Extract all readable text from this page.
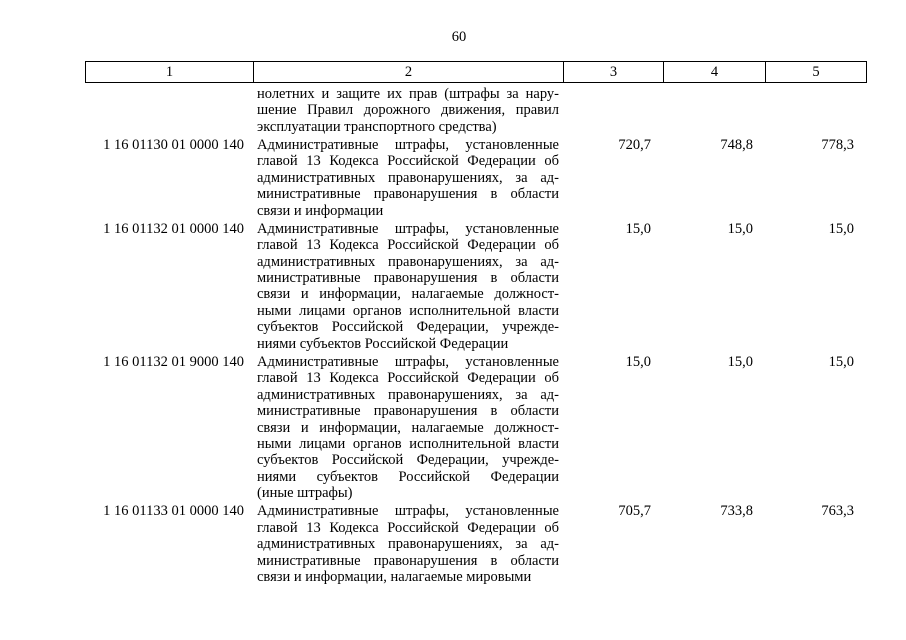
60
1	2	3	4	5
нолетних и защите их прав (штрафы за нару-
шение Правил дорожного движения, правил
эксплуатации транспортного средства)
1 16 01130 01 0000 140 Административные штрафы, установленные
главой 13 Кодекса Российской Федерации об
административных правонарушениях, за ад-
министративные правонарушения в области
связи и информации
720,7	748,8	778,3
1 16 01132 01 0000 140 Административные штрафы, установленные
главой 13 Кодекса Российской Федерации об
административных правонарушениях, за ад-
министративные правонарушения в области
связи и информации, налагаемые должност-
ными лицами органов исполнительной власти
субъектов Российской Федерации, учрежде-
ниями субъектов Российской Федерации
15,0	15,0	15,0
1 16 01132 01 9000 140 Административные штрафы, установленные
главой 13 Кодекса Российской Федерации об
административных правонарушениях, за ад-
министративные правонарушения в области
связи и информации, налагаемые должност-
ными лицами органов исполнительной власти
субъектов Российской Федерации, учрежде-
ниями субъектов Российской Федерации
(иные штрафы)
15,0	15,0	15,0
1 16 01133 01 0000 140 Административные штрафы, установленные
главой 13 Кодекса Российской Федерации об
административных правонарушениях, за ад-
министративные правонарушения в области
связи и информации, налагаемые мировыми
705,7	733,8	763,3
